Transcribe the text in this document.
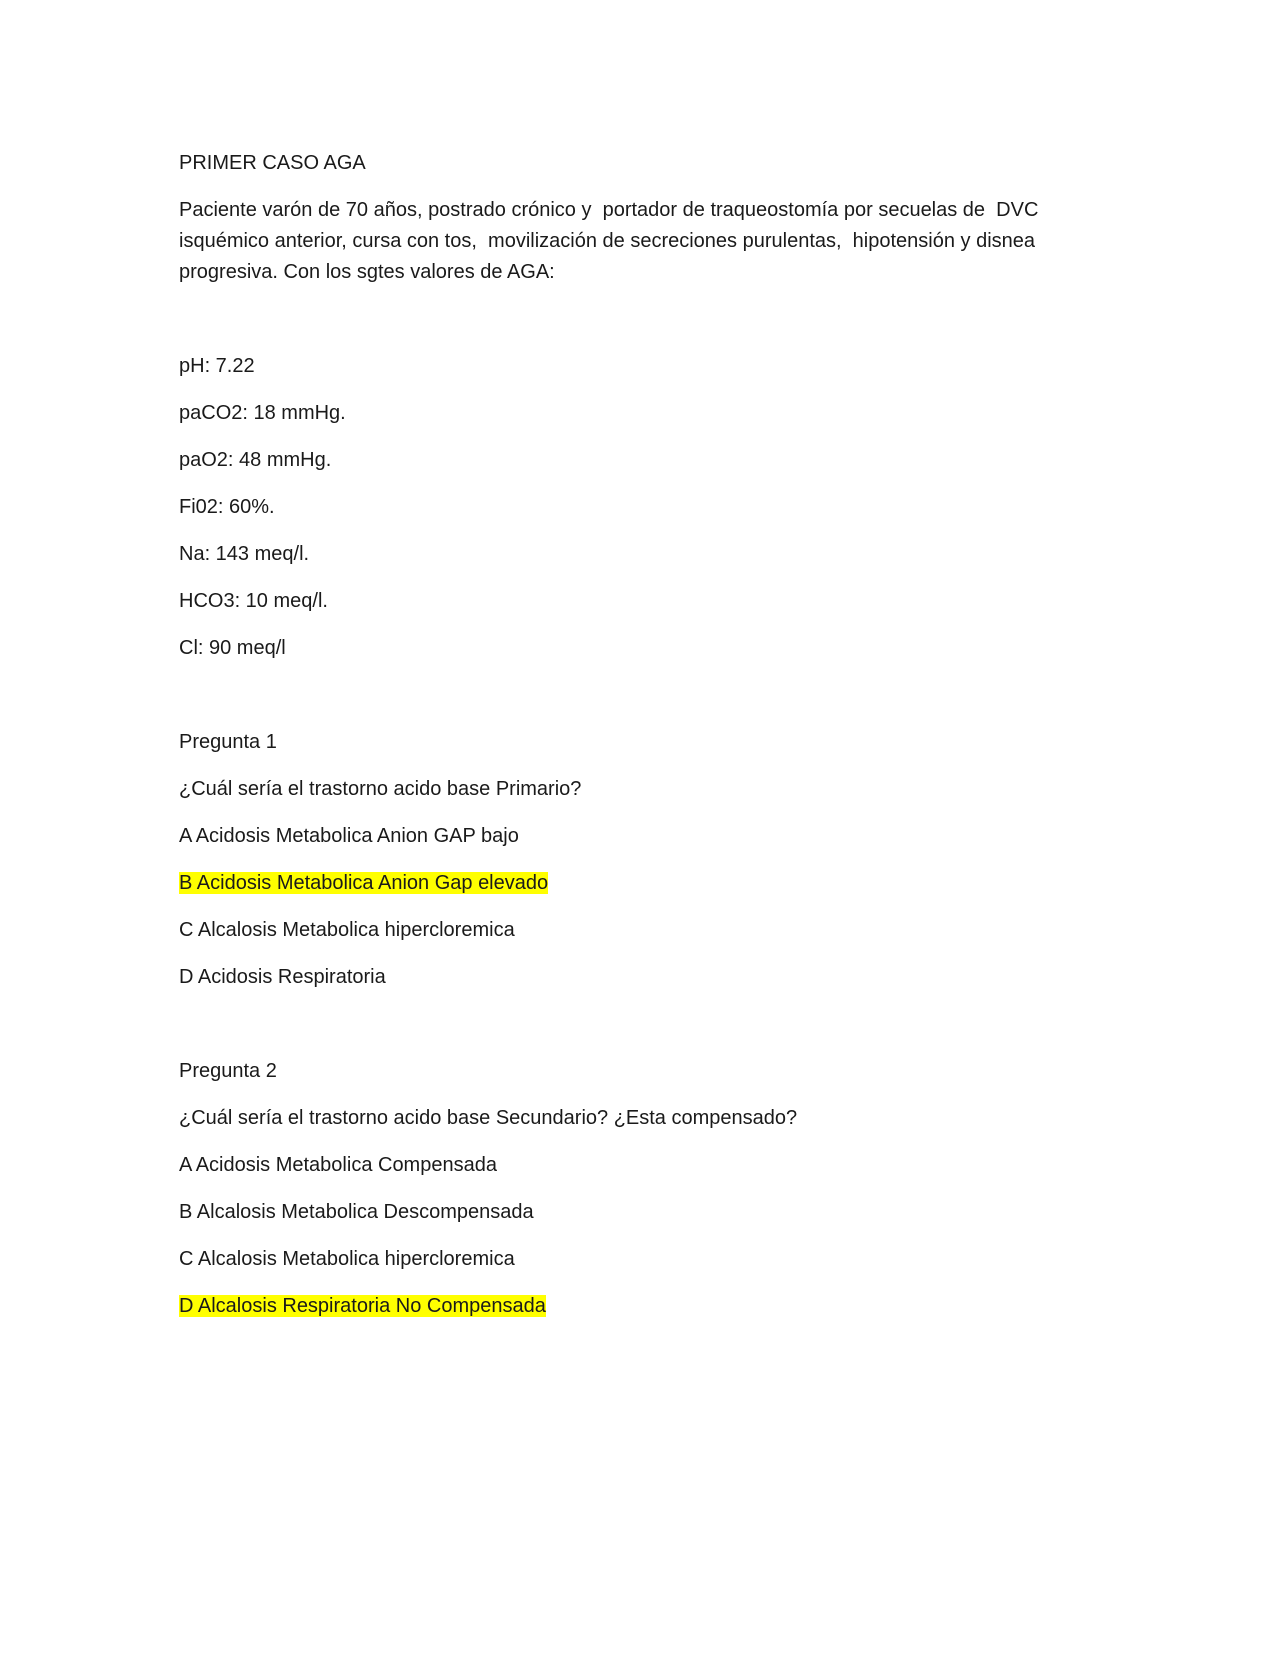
PRIMER CASO AGA

Paciente varón de 70 años, postrado crónico y  portador de traqueostomía por secuelas de  DVC isquémico anterior, cursa con tos,  movilización de secreciones purulentas,  hipotensión y disnea progresiva. Con los sgtes valores de AGA:

pH: 7.22

paCO2: 18 mmHg.

paO2: 48 mmHg.

Fi02: 60%.

Na: 143 meq/l.

HCO3: 10 meq/l.

Cl: 90 meq/l

Pregunta 1

¿Cuál sería el trastorno acido base Primario?

A Acidosis Metabolica Anion GAP bajo

B Acidosis Metabolica Anion Gap elevado

C Alcalosis Metabolica hipercloremica

D Acidosis Respiratoria

Pregunta 2

¿Cuál sería el trastorno acido base Secundario? ¿Esta compensado?

A Acidosis Metabolica Compensada

B Alcalosis Metabolica Descompensada

C Alcalosis Metabolica hipercloremica

D Alcalosis Respiratoria No Compensada
